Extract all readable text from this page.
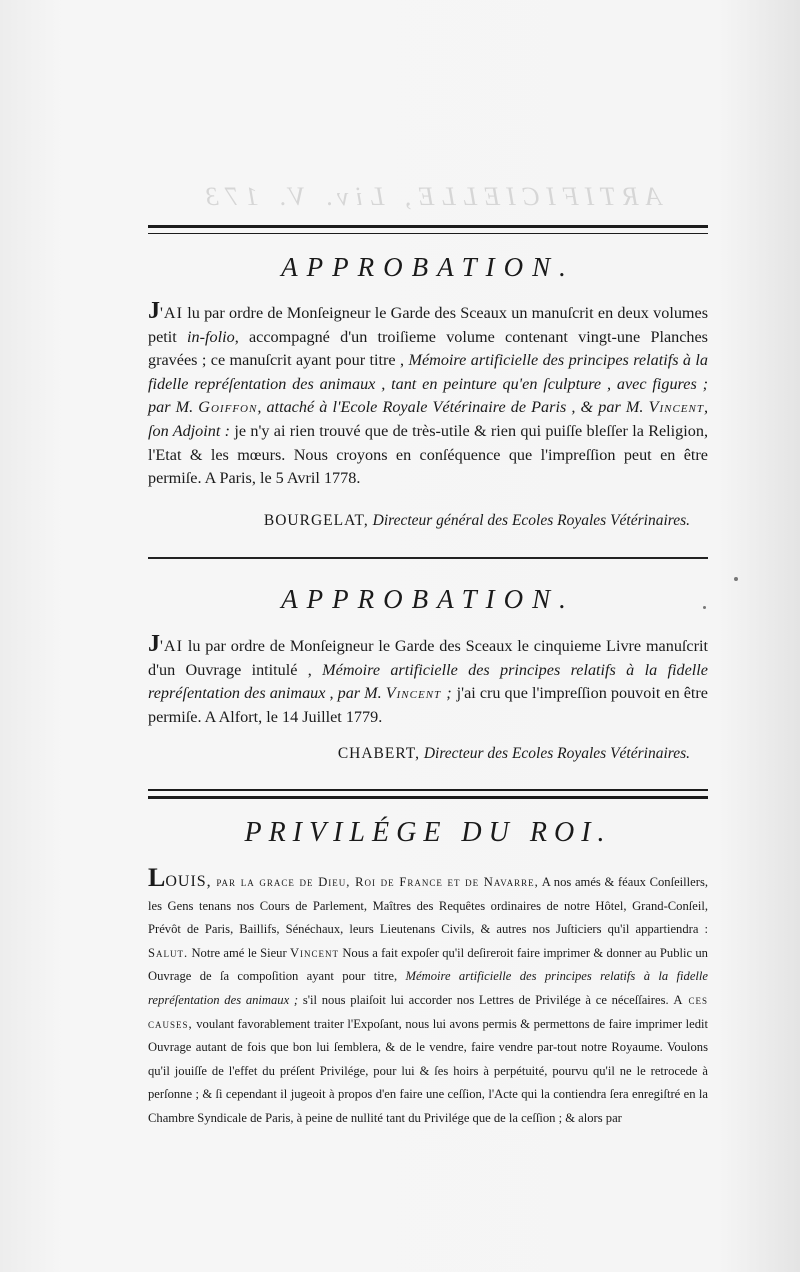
ARTIFICIELLE, Liv. V. 173
APPROBATION.

J'AI lu par ordre de Monſeigneur le Garde des Sceaux un manuſcrit en deux volumes petit in-folio, accompagné d'un troiſieme volume contenant vingt-une Planches gravées ; ce manuſcrit ayant pour titre , Mémoire artificielle des principes relatifs à la fidelle repréſentation des animaux , tant en peinture qu'en ſculpture , avec figures ; par M. Goiffon, attaché à l'Ecole Royale Vétérinaire de Paris , & par M. Vincent, ſon Adjoint : je n'y ai rien trouvé que de très-utile & rien qui puiſſe bleſſer la Religion, l'Etat & les mœurs. Nous croyons en conſéquence que l'impreſſion peut en être permiſe. A Paris, le 5 Avril 1778.

BOURGELAT, Directeur général des Ecoles Royales Vétérinaires.
APPROBATION.

J'AI lu par ordre de Monſeigneur le Garde des Sceaux le cinquieme Livre manuſcrit d'un Ouvrage intitulé , Mémoire artificielle des principes relatifs à la fidelle repréſentation des animaux , par M. Vincent ; j'ai cru que l'impreſſion pouvoit en être permiſe. A Alfort, le 14 Juillet 1779.

CHABERT, Directeur des Ecoles Royales Vétérinaires.
PRIVILÉGE DU ROI.
LOUIS, par la grace de Dieu, Roi de France et de Navarre, A nos amés & féaux Conſeillers, les Gens tenans nos Cours de Parlement, Maîtres des Requêtes ordinaires de notre Hôtel, Grand-Conſeil, Prévôt de Paris, Baillifs, Sénéchaux, leurs Lieutenans Civils, & autres nos Juſticiers qu'il appartiendra : Salut. Notre amé le Sieur Vincent Nous a fait expoſer qu'il deſireroit faire imprimer & donner au Public un Ouvrage de ſa compoſition ayant pour titre, Mémoire artificielle des principes relatifs à la fidelle repréſentation des animaux ; s'il nous plaiſoit lui accorder nos Lettres de Privilége à ce néceſſaires. A ces causes, voulant favorablement traiter l'Expoſant, nous lui avons permis & permettons de faire imprimer ledit Ouvrage autant de fois que bon lui ſemblera, & de le vendre, faire vendre par-tout notre Royaume. Voulons qu'il jouiſſe de l'effet du préſent Privilége, pour lui & ſes hoirs à perpétuité, pourvu qu'il ne le retrocede à perſonne ; & ſi cependant il jugeoit à propos d'en faire une ceſſion, l'Acte qui la contiendra ſera enregiſtré en la Chambre Syndicale de Paris, à peine de nullité tant du Privilége que de la ceſſion ; & alors par
